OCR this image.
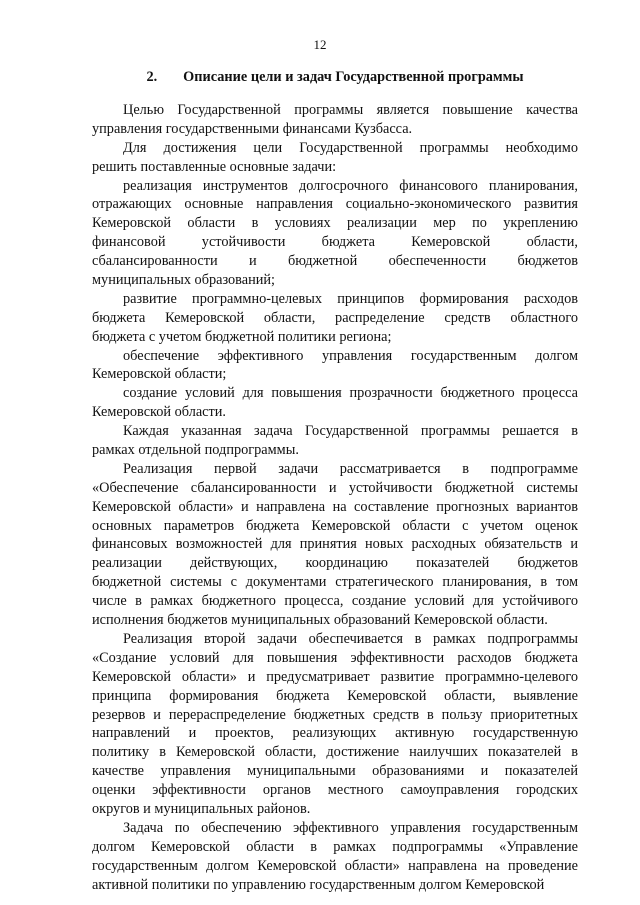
12
2. Описание цели и задач Государственной программы
Целью Государственной программы является повышение качества
управления государственными финансами Кузбасса.
Для достижения цели Государственной программы необходимо
решить поставленные основные задачи:
реализация инструментов долгосрочного финансового планирования,
отражающих основные направления социально-экономического развития
Кемеровской области в условиях реализации мер по укреплению
финансовой устойчивости бюджета Кемеровской области,
сбалансированности и бюджетной обеспеченности бюджетов
муниципальных образований;
развитие программно-целевых принципов формирования расходов
бюджета Кемеровской области, распределение средств областного
бюджета с учетом бюджетной политики региона;
обеспечение эффективного управления государственным долгом
Кемеровской области;
создание условий для повышения прозрачности бюджетного процесса
Кемеровской области.
Каждая указанная задача Государственной программы решается в
рамках отдельной подпрограммы.
Реализация первой задачи рассматривается в подпрограмме
«Обеспечение сбалансированности и устойчивости бюджетной системы
Кемеровской области» и направлена на составление прогнозных вариантов
основных параметров бюджета Кемеровской области с учетом оценок
финансовых возможностей для принятия новых расходных обязательств и
реализации действующих, координацию показателей бюджетов
бюджетной системы с документами стратегического планирования, в том
числе в рамках бюджетного процесса, создание условий для устойчивого
исполнения бюджетов муниципальных образований Кемеровской области.
Реализация второй задачи обеспечивается в рамках подпрограммы
«Создание условий для повышения эффективности расходов бюджета
Кемеровской области» и предусматривает развитие программно-целевого
принципа формирования бюджета Кемеровской области, выявление
резервов и перераспределение бюджетных средств в пользу приоритетных
направлений и проектов, реализующих активную государственную
политику в Кемеровской области, достижение наилучших показателей в
качестве управления муниципальными образованиями и показателей
оценки эффективности органов местного самоуправления городских
округов и муниципальных районов.
Задача по обеспечению эффективного управления государственным
долгом Кемеровской области в рамках подпрограммы «Управление
государственным долгом Кемеровской области» направлена на проведение
активной политики по управлению государственным долгом Кемеровской
